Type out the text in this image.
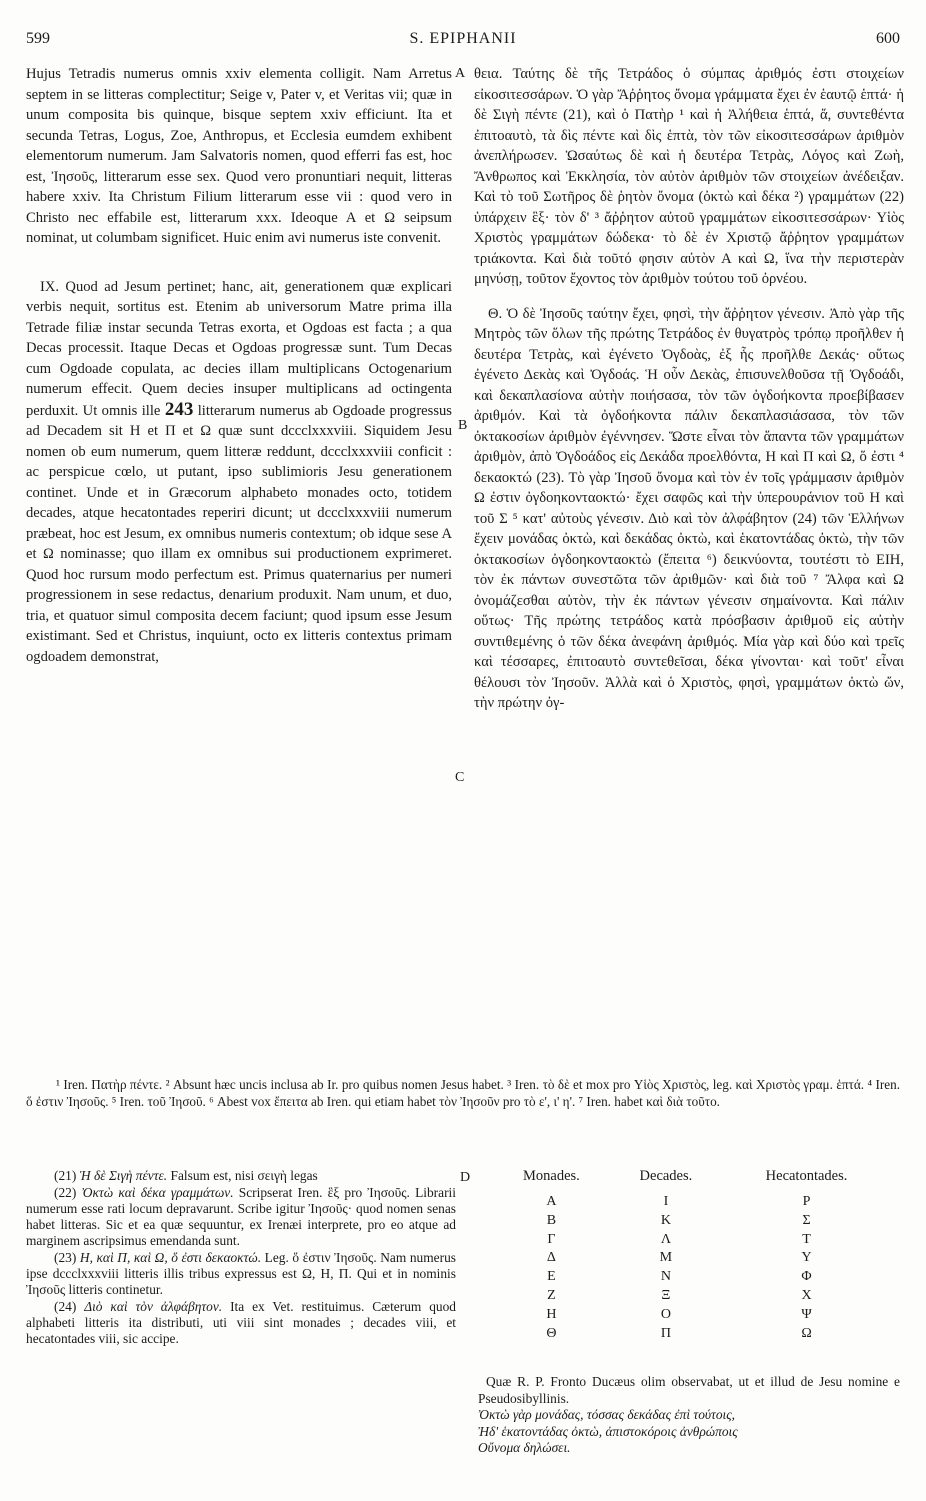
599	S. EPIPHANII	600
A
B
C
D

Hujus Tetradis numerus omnis xxiv elementa colligit. Nam Arretus septem in se litteras complectitur; Seige v, Pater v, et Veritas vii; quæ in unum composita bis quinque, bisque septem xxiv efficiunt. Ita et secunda Tetras, Logus, Zoe, Anthropus, et Ecclesia eumdem exhibent elementorum numerum. Jam Salvatoris nomen, quod efferri fas est, hoc est, Ἰησοῦς, litterarum esse sex. Quod vero pronuntiari nequit, litteras habere xxiv. Ita Christum Filium litterarum esse vii : quod vero in Christo nec effabile est, litterarum xxx. Ideoque A et Ω seipsum nominat, ut columbam significet. Huic enim avi numerus iste convenit.

IX. Quod ad Jesum pertinet; hanc, ait, generationem quæ explicari verbis nequit, sortitus est. Etenim ab universorum Matre prima illa Tetrade filiæ instar secunda Tetras exorta, et Ogdoas est facta ; a qua Decas processit. Itaque Decas et Ogdoas progressæ sunt. Tum Decas cum Ogdoade copulata, ac decies illam multiplicans Octogenarium numerum effecit. Quem decies insuper multiplicans ad octingenta perduxit. Ut omnis ille 243 litterarum numerus ab Ogdoade progressus ad Decadem sit H et Π et Ω quæ sunt dccclxxxviii. Siquidem Jesu nomen ob eum numerum, quem litteræ reddunt, dccclxxxviii conficit : ac perspicue cœlo, ut putant, ipso sublimioris Jesu generationem continet. Unde et in Græcorum alphabeto monades octo, totidem decades, atque hecatontades reperiri dicunt; ut dccclxxxviii numerum præbeat, hoc est Jesum, ex omnibus numeris contextum; ob idque sese A et Ω nominasse; quo illam ex omnibus sui productionem exprimeret. Quod hoc rursum modo perfectum est. Primus quaternarius per numeri progressionem in sese redactus, denarium produxit. Nam unum, et duo, tria, et quatuor simul composita decem faciunt; quod ipsum esse Jesum existimant. Sed et Christus, inquiunt, octo ex litteris contextus primam ogdoadem demonstrat,

θεια. Ταύτης δὲ τῆς Τετράδος ὁ σύμπας ἀριθμός ἐστι στοιχείων εἰκοσιτεσσάρων. Ὁ γὰρ Ἄῤῥητος ὄνομα γράμματα ἔχει ἐν ἑαυτῷ ἑπτά· ἡ δὲ Σιγὴ πέντε (21), καὶ ὁ Πατὴρ ¹ καὶ ἡ Ἀλήθεια ἑπτά, ἅ, συντεθέντα ἐπιτοαυτὸ, τὰ δὶς πέντε καὶ δὶς ἑπτὰ, τὸν τῶν εἰκοσιτεσσάρων ἀριθμὸν ἀνεπλήρωσεν. Ὡσαύτως δὲ καὶ ἡ δευτέρα Τετρὰς, Λόγος καὶ Ζωὴ, Ἄνθρωπος καὶ Ἐκκλησία, τὸν αὐτὸν ἀριθμὸν τῶν στοιχείων ἀνέδειξαν. Καὶ τὸ τοῦ Σωτῆρος δὲ ῥητὸν ὄνομα (ὀκτὼ καὶ δέκα ²) γραμμάτων (22) ὑπάρχειν ἓξ· τὸν δ' ³ ἄῤῥητον αὐτοῦ γραμμάτων εἰκοσιτεσσάρων· Υἱὸς Χριστὸς γραμμάτων δώδεκα· τὸ δὲ ἐν Χριστῷ ἄῤῥητον γραμμάτων τριάκοντα. Καὶ διὰ τοῦτό φησιν αὐτὸν Α καὶ Ω, ἵνα τὴν περιστερὰν μηνύσῃ, τοῦτον ἔχοντος τὸν ἀριθμὸν τούτου τοῦ ὀρνέου.

Θ. Ὁ δὲ Ἰησοῦς ταύτην ἔχει, φησὶ, τὴν ἄῤῥητον γένεσιν. Ἀπὸ γὰρ τῆς Μητρὸς τῶν ὅλων τῆς πρώτης Τετράδος ἐν θυγατρὸς τρόπῳ προῆλθεν ἡ δευτέρα Τετρὰς, καὶ ἐγένετο Ὀγδοὰς, ἐξ ἧς προῆλθε Δεκάς· οὕτως ἐγένετο Δεκὰς καὶ Ὀγδοάς. Ἡ οὖν Δεκὰς, ἐπισυνελθοῦσα τῇ Ὀγδοάδι, καὶ δεκαπλασίονα αὐτὴν ποιήσασα, τὸν τῶν ὀγδοήκοντα προεβίβασεν ἀριθμόν. Καὶ τὰ ὀγδοήκοντα πάλιν δεκαπλασιάσασα, τὸν τῶν ὀκτακοσίων ἀριθμὸν ἐγέννησεν. Ὥστε εἶναι τὸν ἅπαντα τῶν γραμμάτων ἀριθμὸν, ἀπὸ Ὀγδοάδος εἰς Δεκάδα προελθόντα, Η καὶ Π καὶ Ω, ὅ ἐστι ⁴ δεκαοκτώ (23). Τὸ γὰρ Ἰησοῦ ὄνομα καὶ τὸν ἐν τοῖς γράμμασιν ἀριθμὸν Ω ἐστιν ὀγδοηκονταοκτώ· ἔχει σαφῶς καὶ τὴν ὑπερουράνιον τοῦ Η καὶ τοῦ Σ ⁵ κατ' αὐτοὺς γένεσιν. Διὸ καὶ τὸν ἀλφάβητον (24) τῶν Ἑλλήνων ἔχειν μονάδας ὀκτὼ, καὶ δεκάδας ὀκτὼ, καὶ ἑκατοντάδας ὀκτὼ, τὴν τῶν ὀκτακοσίων ὀγδοηκονταοκτὼ (ἔπειτα ⁶) δεικνύοντα, τουτέστι τὸ ΕΙΗ, τὸν ἐκ πάντων συνεστῶτα τῶν ἀριθμῶν· καὶ διὰ τοῦ ⁷ Ἄλφα καὶ Ω ὀνομάζεσθαι αὐτὸν, τὴν ἐκ πάντων γένεσιν σημαίνοντα. Καὶ πάλιν οὕτως· Τῆς πρώτης τετράδος κατὰ πρόσβασιν ἀριθμοῦ εἰς αὐτὴν συντιθεμένης ὁ τῶν δέκα ἀνεφάνη ἀριθμός. Μία γὰρ καὶ δύο καὶ τρεῖς καὶ τέσσαρες, ἐπιτοαυτὸ συντεθεῖσαι, δέκα γίνονται· καὶ τοῦτ' εἶναι θέλουσι τὸν Ἰησοῦν. Ἀλλὰ καὶ ὁ Χριστὸς, φησὶ, γραμμάτων ὀκτὼ ὤν, τὴν πρώτην ὀγ-

¹ Iren. Πατὴρ πέντε. ² Absunt hæc uncis inclusa ab Ir. pro quibus nomen Jesus habet. ³ Iren. τὸ δὲ et mox pro Υἱὸς Χριστὸς, leg. καὶ Χριστὸς γραμ. ἑπτά. ⁴ Iren. ὅ ἐστιν Ἰησοῦς. ⁵ Iren. τοῦ Ἰησοῦ. ⁶ Abest vox ἔπειτα ab Iren. qui etiam habet τὸν Ἰησοῦν pro τὸ ε', ι' η'. ⁷ Iren. habet καὶ διὰ τοῦτο.

(21) Ἡ δὲ Σιγὴ πέντε. Falsum est, nisi σειγὴ legas

(22) Ὀκτὼ καὶ δέκα γραμμάτων. Scripserat Iren. ἓξ pro Ἰησοῦς. Librarii numerum esse rati locum depravarunt. Scribe igitur Ἰησοῦς· quod nomen senas habet litteras. Sic et ea quæ sequuntur, ex Irenæi interprete, pro eo atque ad marginem ascripsimus emendanda sunt.

(23) Η, καὶ Π, καὶ Ω, ὅ ἐστι δεκαοκτώ. Leg. ὅ ἐστιν Ἰησοῦς. Nam numerus ipse dccclxxxviii litteris illis tribus expressus est Ω, Η, Π. Qui et in nominis Ἰησοῦς litteris continetur.

(24) Διὸ καὶ τὸν ἀλφάβητον. Ita ex Vet. restituimus. Cæterum quod alphabeti litteris ita distributi, uti viii sint monades ; decades viii, et hecatontades viii, sic accipe.

Monades.	Decades.	Hecatontades.
Α	Ι	Ρ
Β	Κ	Σ
Γ	Λ	Τ
Δ	Μ	Υ
Ε	Ν	Φ
Ζ	Ξ	Χ
Η	Ο	Ψ
Θ	Π	Ω

Quæ R. P. Fronto Ducæus olim observabat, ut et illud de Jesu nomine e Pseudosibyllinis.

Ὀκτὼ γὰρ μονάδας, τόσσας δεκάδας ἐπὶ τούτοις,

Ἠδ' ἑκατοντάδας ὀκτὼ, ἀπιστοκόροις ἀνθρώποις

Οὔνομα δηλώσει.
